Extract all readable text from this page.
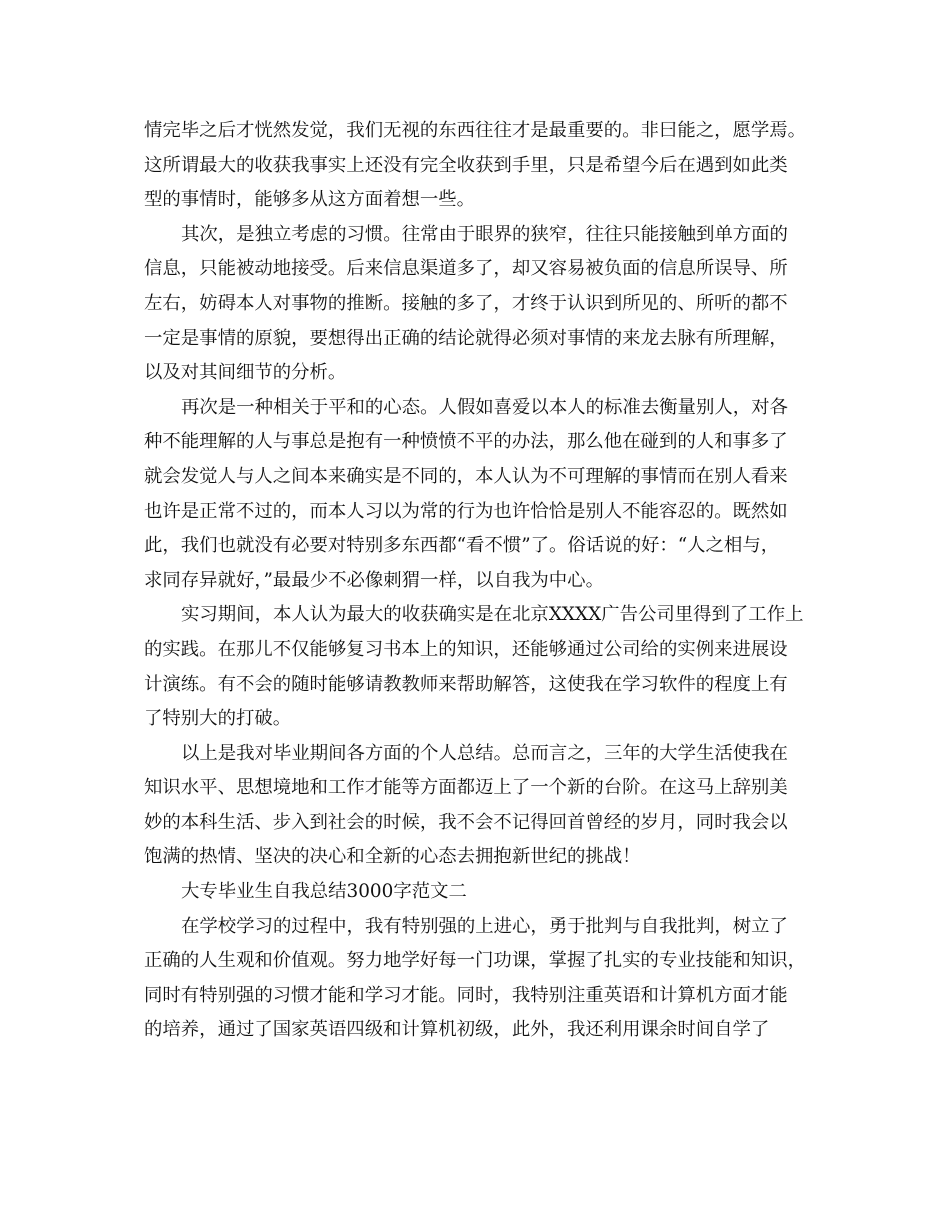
情完毕之后才恍然发觉，我们无视的东西往往才是最重要的。非曰能之，愿学焉。
这所谓最大的收获我事实上还没有完全收获到手里，只是希望今后在遇到如此类
型的事情时，能够多从这方面着想一些。
其次，是独立考虑的习惯。往常由于眼界的狭窄，往往只能接触到单方面的
信息，只能被动地接受。后来信息渠道多了，却又容易被负面的信息所误导、所
左右，妨碍本人对事物的推断。接触的多了，才终于认识到所见的、所听的都不
一定是事情的原貌，要想得出正确的结论就得必须对事情的来龙去脉有所理解，
以及对其间细节的分析。
再次是一种相关于平和的心态。人假如喜爱以本人的标准去衡量别人，对各
种不能理解的人与事总是抱有一种愤愤不平的办法，那么他在碰到的人和事多了
就会发觉人与人之间本来确实是不同的，本人认为不可理解的事情而在别人看来
也许是正常不过的，而本人习以为常的行为也许恰恰是别人不能容忍的。既然如
此，我们也就没有必要对特别多东西都“看不惯”了。俗话说的好：“人之相与，
求同存异就好，”最最少不必像刺猬一样，以自我为中心。
实习期间，本人认为最大的收获确实是在北京XXXX广告公司里得到了工作上
的实践。在那儿不仅能够复习书本上的知识，还能够通过公司给的实例来进展设
计演练。有不会的随时能够请教教师来帮助解答，这使我在学习软件的程度上有
了特别大的打破。
以上是我对毕业期间各方面的个人总结。总而言之，三年的大学生活使我在
知识水平、思想境地和工作才能等方面都迈上了一个新的台阶。在这马上辞别美
妙的本科生活、步入到社会的时候，我不会不记得回首曾经的岁月，同时我会以
饱满的热情、坚决的决心和全新的心态去拥抱新世纪的挑战！
大专毕业生自我总结3000字范文二
在学校学习的过程中，我有特别强的上进心，勇于批判与自我批判，树立了
正确的人生观和价值观。努力地学好每一门功课，掌握了扎实的专业技能和知识，
同时有特别强的习惯才能和学习才能。同时，我特别注重英语和计算机方面才能
的培养，通过了国家英语四级和计算机初级，此外，我还利用课余时间自学了
